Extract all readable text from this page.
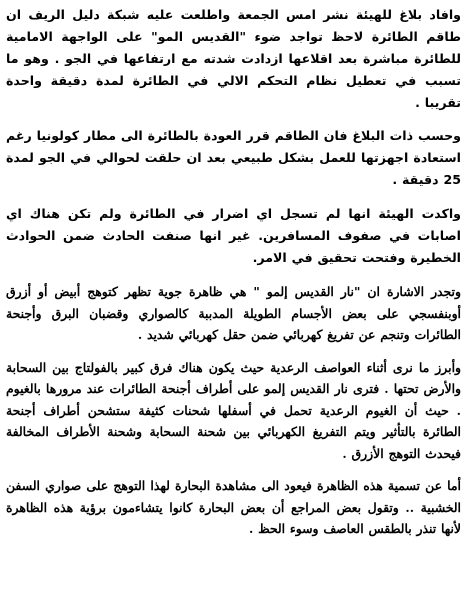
وافاد بلاغ للهيئة نشر امس الجمعة واطلعت عليه شبكة دليل الريف ان طاقم الطائرة لاحظ تواجد ضوء "القديس المو" على الواجهة الامامية للطائرة مباشرة بعد اقلاعها ازدادت شدته مع ارتفاعها في الجو . وهو ما تسبب في تعطيل نظام التحكم الالي في الطائرة لمدة دقيقة واحدة تقريبا .

وحسب ذات البلاغ فان الطاقم قرر العودة بالطائرة الى مطار كولونيا رغم استعادة اجهزتها للعمل بشكل طبيعي بعد ان حلقت لحوالي في الجو لمدة 25 دقيقة .

واكدت الهيئة انها لم تسجل اي اضرار في الطائرة ولم تكن هناك اي اصابات في صفوف المسافرين. غير انها صنفت الحادث ضمن الحوادث الخطيرة وفتحت تحقيق في الامر.

وتجدر الاشارة ان "نار القديس إلمو " هي ظاهرة جوية تظهر كتوهج أبيض أو أزرق أوبنفسجي على بعض الأجسام الطويلة المدببة كالصواري وقضبان البرق وأجنحة الطائرات وتنجم عن تفريغ كهربائي ضمن حقل كهربائي شديد .

وأبرز ما نرى أثناء العواصف الرعدية حيث يكون هناك فرق كبير بالفولتاج بين السحابة والأرض تحتها . فترى نار القديس إلمو على أطراف أجنحة الطائرات عند مرورها بالغيوم . حيث أن الغيوم الرعدية تحمل في أسفلها شحنات كثيفة ستشحن أطراف أجنحة الطائرة بالتأثير ويتم التفريغ الكهربائي بين شحنة السحابة وشحنة الأطراف المخالفة فيحدث التوهج الأزرق .

أما عن تسمية هذه الظاهرة فيعود الى مشاهدة البحارة لهذا التوهج على صواري السفن الخشبية .. وتقول بعض المراجع أن بعض البحارة كانوا يتشاءمون برؤية هذه الظاهرة لأنها تنذر بالطقس العاصف وسوء الحظ .
